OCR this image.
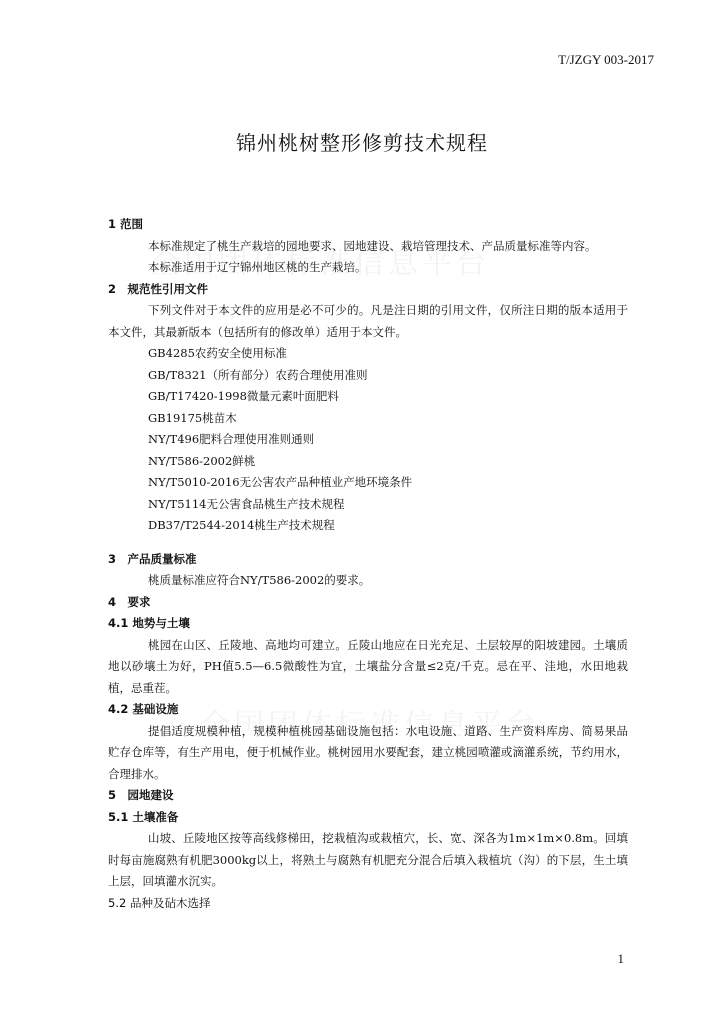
T/JZGY 003-2017
锦州桃树整形修剪技术规程
1 范围
本标准规定了桃生产栽培的园地要求、园地建设、栽培管理技术、产品质量标准等内容。
本标准适用于辽宁锦州地区桃的生产栽培。
2　规范性引用文件
下列文件对于本文件的应用是必不可少的。凡是注日期的引用文件，仅所注日期的版本适用于本文件，其最新版本（包括所有的修改单）适用于本文件。
GB4285农药安全使用标准
GB/T8321（所有部分）农药合理使用准则
GB/T17420-1998微量元素叶面肥料
GB19175桃苗木
NY/T496肥料合理使用准则通则
NY/T586-2002鲜桃
NY/T5010-2016无公害农产品种植业产地环境条件
NY/T5114无公害食品桃生产技术规程
DB37/T2544-2014桃生产技术规程
3　产品质量标准
桃质量标准应符合NY/T586-2002的要求。
4　要求
4.1 地势与土壤
桃园在山区、丘陵地、高地均可建立。丘陵山地应在日光充足、土层较厚的阳坡建园。土壤质地以砂壤土为好，PH值5.5—6.5微酸性为宜，土壤盐分含量≤2克/千克。忌在平、洼地，水田地栽植，忌重茬。
4.2 基础设施
提倡适度规模种植，规模种植桃园基础设施包括：水电设施、道路、生产资料库房、简易果品贮存仓库等，有生产用电，便于机械作业。桃树园用水要配套，建立桃园喷灌或滴灌系统，节约用水，合理排水。
5　园地建设
5.1 土壤准备
山坡、丘陵地区按等高线修梯田，挖栽植沟或栽植穴，长、宽、深各为1m×1m×0.8m。回填时每亩施腐熟有机肥3000kg以上，将熟土与腐熟有机肥充分混合后填入栽植坑（沟）的下层，生土填上层，回填灌水沉实。
5.2 品种及砧木选择
1
